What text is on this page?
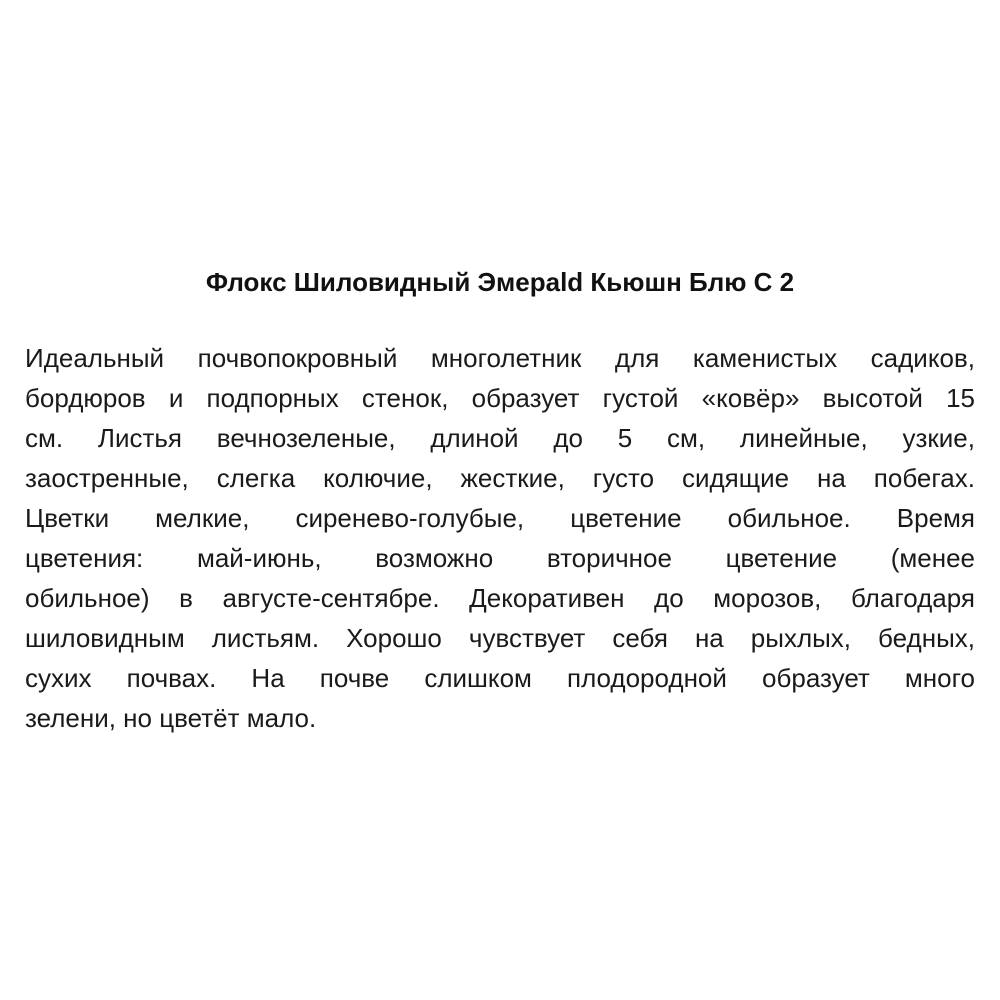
Флокс Шиловидный Эмерald Кьюшн Блю С 2
Идеальный почвопокровный многолетник для каменистых садиков,
бордюров и подпорных стенок, образует густой «ковёр» высотой 15
см. Листья вечнозеленые, длиной до 5 см, линейные, узкие,
заостренные, слегка колючие, жесткие, густо сидящие на побегах.
Цветки мелкие, сиреневo-голубые, цветение обильное. Время
цветения: май-июнь, возможно вторичное цветение (менее
обильное) в августе-сентябре. Декоративен до морозов, благодаря
шиловидным листьям. Хорошо чувствует себя на рыхлых, бедных,
сухих почвах. На почве слишком плодородной образует много
зелени, но цветёт мало.
